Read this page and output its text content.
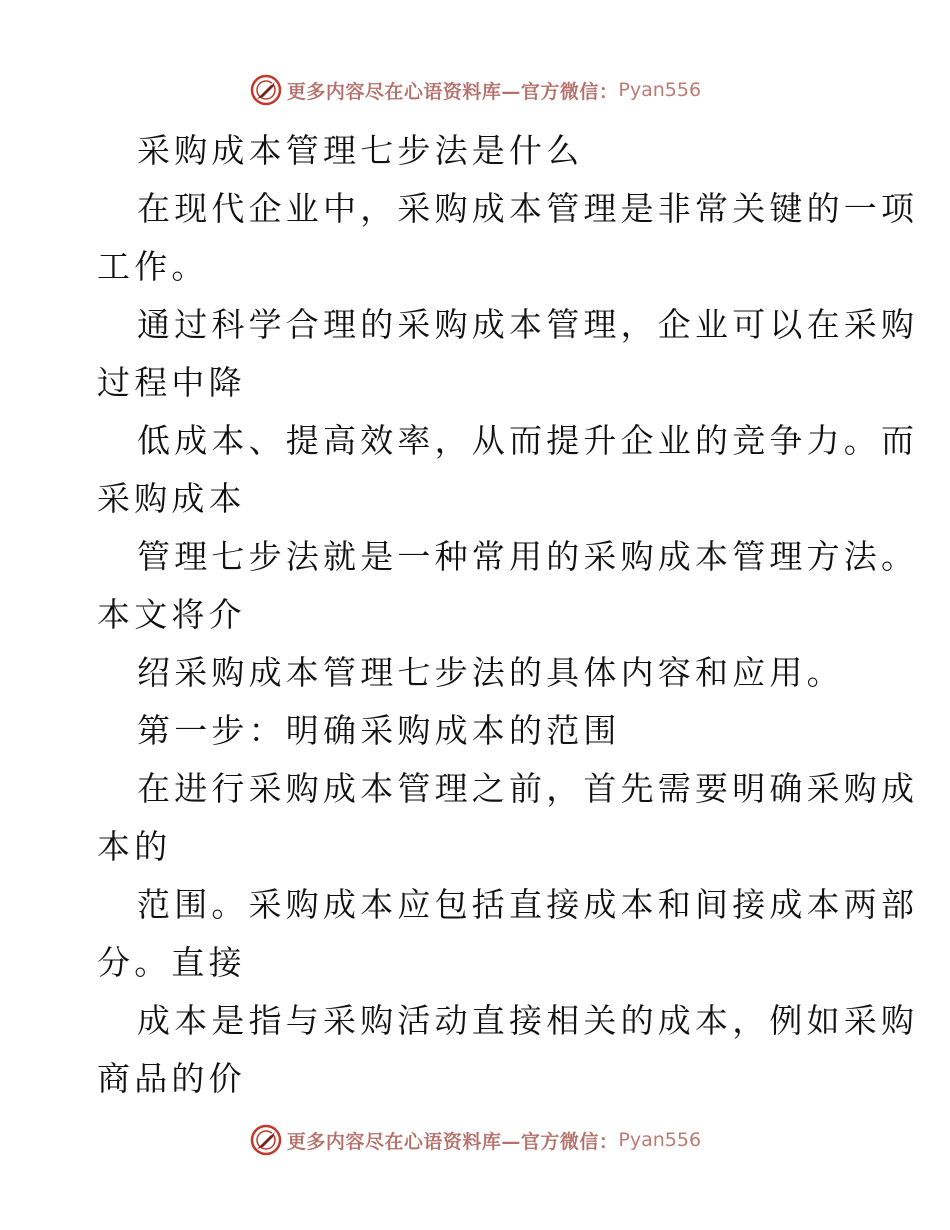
更多内容尽在心语资料库—官方微信： Pyan556
采购成本管理七步法是什么
在现代企业中，采购成本管理是非常关键的一项
工作。
通过科学合理的采购成本管理，企业可以在采购
过程中降
低成本、提高效率，从而提升企业的竞争力。而
采购成本
管理七步法就是一种常用的采购成本管理方法。
本文将介
绍采购成本管理七步法的具体内容和应用。
第一步：明确采购成本的范围
在进行采购成本管理之前，首先需要明确采购成
本的
范围。采购成本应包括直接成本和间接成本两部
分。直接
成本是指与采购活动直接相关的成本，例如采购
商品的价
更多内容尽在心语资料库—官方微信： Pyan556
